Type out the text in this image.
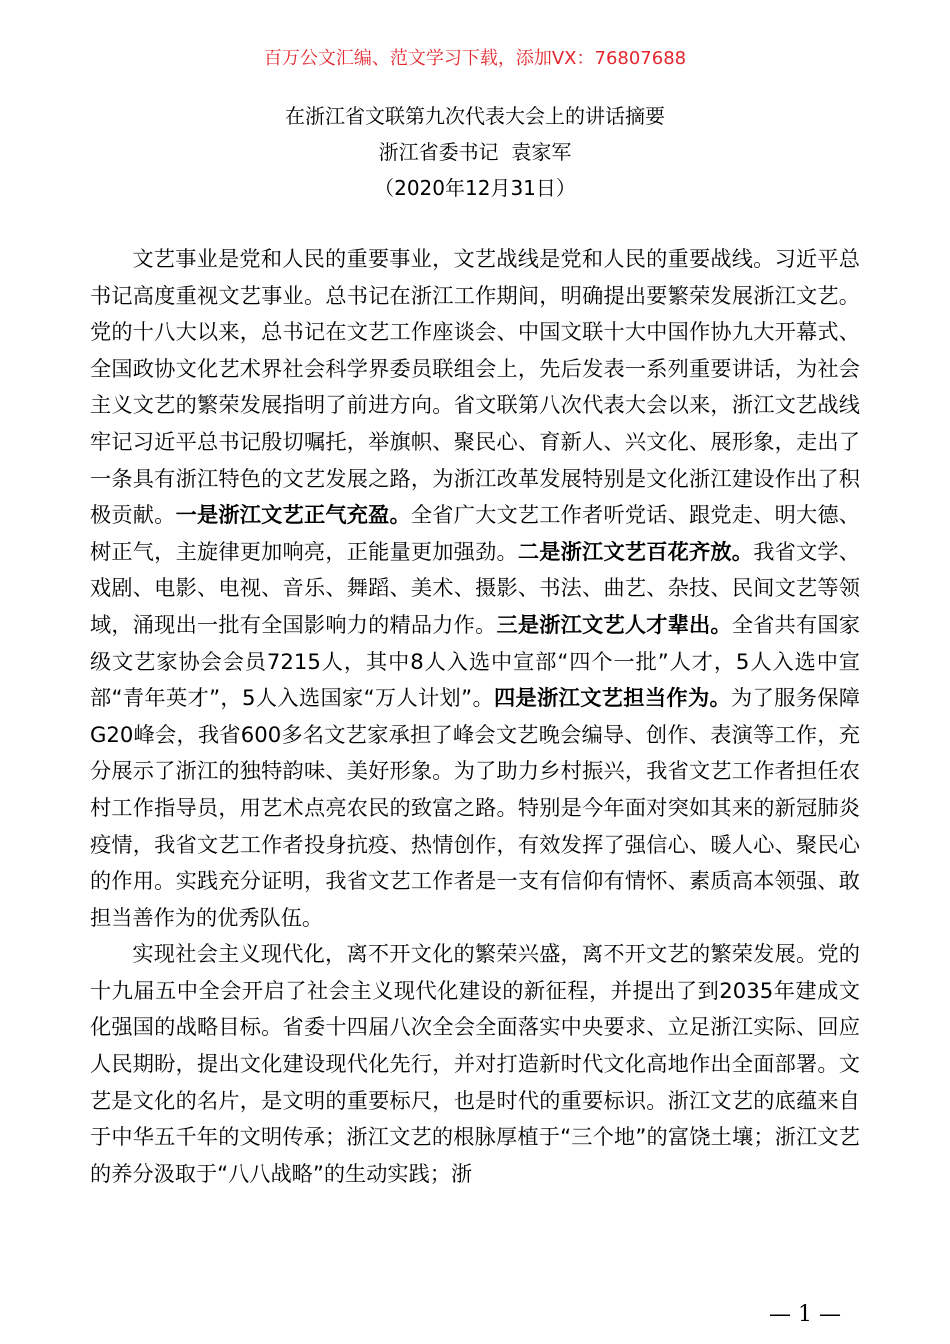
百万公文汇编、范文学习下载，添加VX：76807688
在浙江省文联第九次代表大会上的讲话摘要
浙江省委书记  袁家军
（2020年12月31日）

文艺事业是党和人民的重要事业，文艺战线是党和人民的重要战线。习近平总书记高度重视文艺事业。总书记在浙江工作期间，明确提出要繁荣发展浙江文艺。党的十八大以来，总书记在文艺工作座谈会、中国文联十大中国作协九大开幕式、全国政协文化艺术界社会科学界委员联组会上，先后发表一系列重要讲话，为社会主义文艺的繁荣发展指明了前进方向。省文联第八次代表大会以来，浙江文艺战线牢记习近平总书记殷切嘱托，举旗帜、聚民心、育新人、兴文化、展形象，走出了一条具有浙江特色的文艺发展之路，为浙江改革发展特别是文化浙江建设作出了积极贡献。一是浙江文艺正气充盈。全省广大文艺工作者听党话、跟党走、明大德、树正气，主旋律更加响亮，正能量更加强劲。二是浙江文艺百花齐放。我省文学、戏剧、电影、电视、音乐、舞蹈、美术、摄影、书法、曲艺、杂技、民间文艺等领域，涌现出一批有全国影响力的精品力作。三是浙江文艺人才辈出。全省共有国家级文艺家协会会员7215人，其中8人入选中宣部“四个一批”人才，5人入选中宣部“青年英才”，5人入选国家“万人计划”。四是浙江文艺担当作为。为了服务保障G20峰会，我省600多名文艺家承担了峰会文艺晚会编导、创作、表演等工作，充分展示了浙江的独特韵味、美好形象。为了助力乡村振兴，我省文艺工作者担任农村工作指导员，用艺术点亮农民的致富之路。特别是今年面对突如其来的新冠肺炎疫情，我省文艺工作者投身抗疫、热情创作，有效发挥了强信心、暖人心、聚民心的作用。实践充分证明，我省文艺工作者是一支有信仰有情怀、素质高本领强、敢担当善作为的优秀队伍。

实现社会主义现代化，离不开文化的繁荣兴盛，离不开文艺的繁荣发展。党的十九届五中全会开启了社会主义现代化建设的新征程，并提出了到2035年建成文化强国的战略目标。省委十四届八次全会全面落实中央要求、立足浙江实际、回应人民期盼，提出文化建设现代化先行，并对打造新时代文化高地作出全面部署。文艺是文化的名片，是文明的重要标尺，也是时代的重要标识。浙江文艺的底蕴来自于中华五千年的文明传承；浙江文艺的根脉厚植于“三个地”的富饶土壤；浙江文艺的养分汲取于“八八战略”的生动实践；浙

— 1 —
